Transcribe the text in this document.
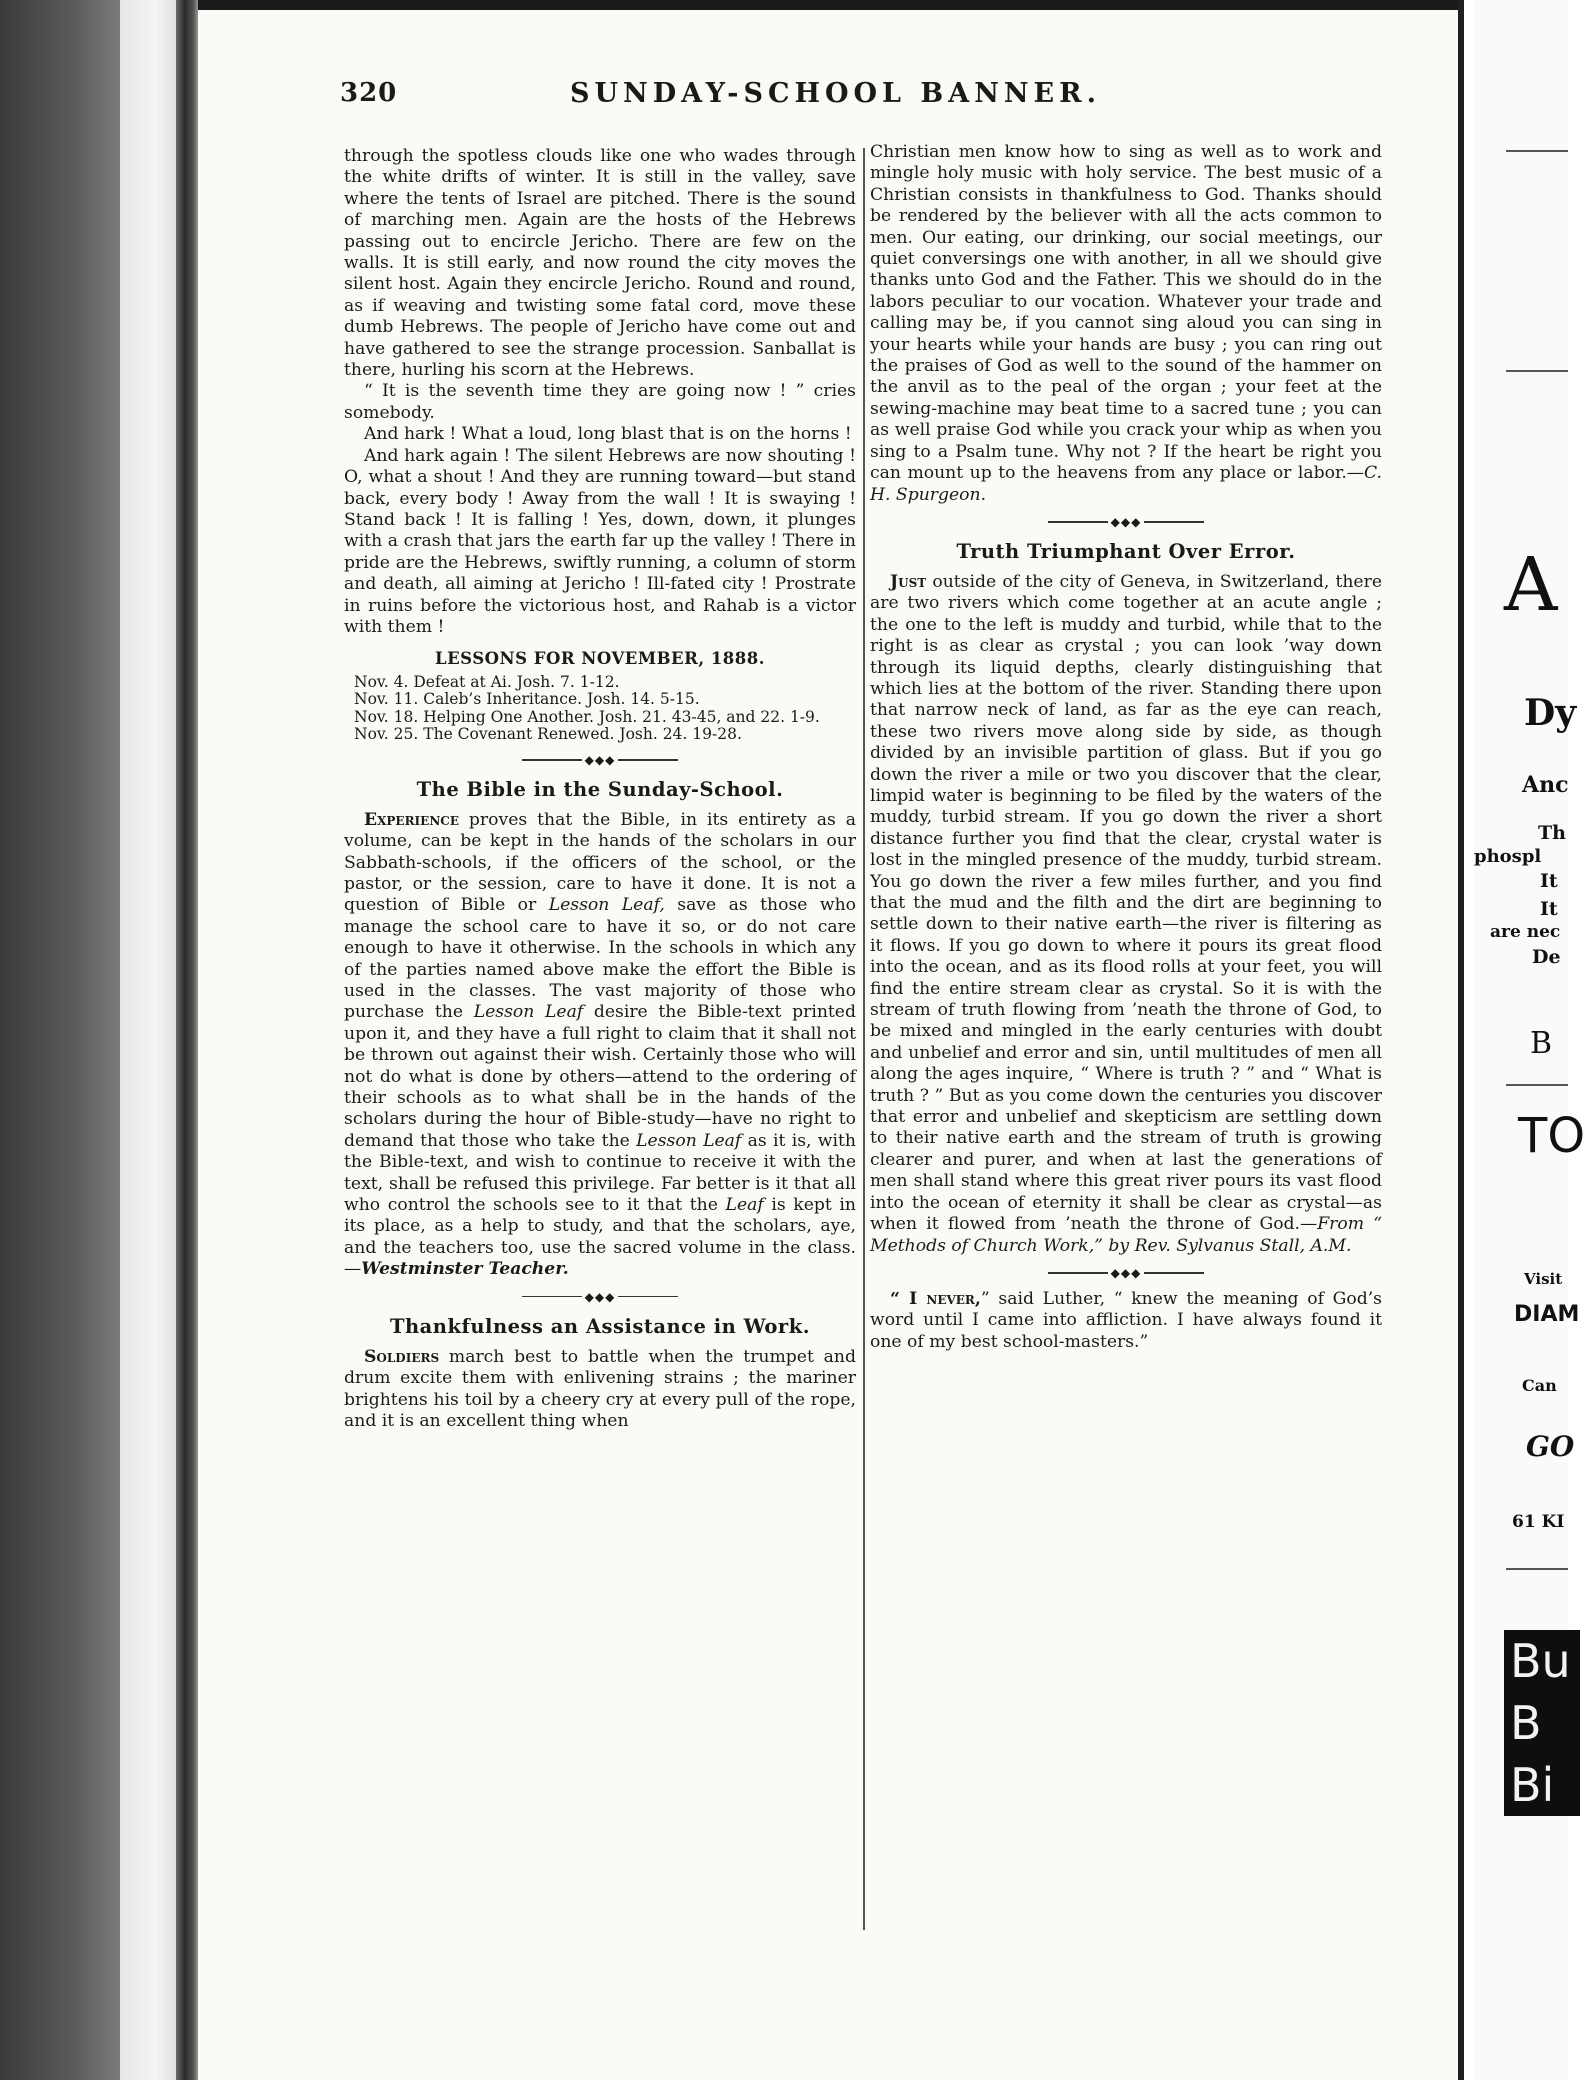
320	SUNDAY-SCHOOL BANNER.

through the spotless clouds like one who wades through the white drifts of winter. It is still in the valley, save where the tents of Israel are pitched. There is the sound of marching men. Again are the hosts of the Hebrews passing out to encircle Jericho. There are few on the walls. It is still early, and now round the city moves the silent host. Again they encircle Jericho. Round and round, as if weaving and twisting some fatal cord, move these dumb Hebrews. The people of Jericho have come out and have gathered to see the strange procession. Sanballat is there, hurling his scorn at the Hebrews.

“ It is the seventh time they are going now ! ” cries somebody.

And hark ! What a loud, long blast that is on the horns !

And hark again ! The silent Hebrews are now shouting ! O, what a shout ! And they are running toward—but stand back, every body ! Away from the wall ! It is swaying ! Stand back ! It is falling ! Yes, down, down, it plunges with a crash that jars the earth far up the valley ! There in pride are the Hebrews, swiftly running, a column of storm and death, all aiming at Jericho ! Ill-fated city ! Prostrate in ruins before the victorious host, and Rahab is a victor with them !

LESSONS FOR NOVEMBER, 1888.

Nov. 4. Defeat at Ai. Josh. 7. 1-12.

Nov. 11. Caleb’s Inheritance. Josh. 14. 5-15.

Nov. 18. Helping One Another. Josh. 21. 43-45, and 22. 1-9.

Nov. 25. The Covenant Renewed. Josh. 24. 19-28.

◆◆◆
The Bible in the Sunday-School.

Experience proves that the Bible, in its entirety as a volume, can be kept in the hands of the scholars in our Sabbath-schools, if the officers of the school, or the pastor, or the session, care to have it done. It is not a question of Bible or Lesson Leaf, save as those who manage the school care to have it so, or do not care enough to have it otherwise. In the schools in which any of the parties named above make the effort the Bible is used in the classes. The vast majority of those who purchase the Lesson Leaf desire the Bible-text printed upon it, and they have a full right to claim that it shall not be thrown out against their wish. Certainly those who will not do what is done by others—attend to the ordering of their schools as to what shall be in the hands of the scholars during the hour of Bible-study—have no right to demand that those who take the Lesson Leaf as it is, with the Bible-text, and wish to continue to receive it with the text, shall be refused this privilege. Far better is it that all who control the schools see to it that the Leaf is kept in its place, as a help to study, and that the scholars, aye, and the teachers too, use the sacred volume in the class.—Westminster Teacher.

◆◆◆
Thankfulness an Assistance in Work.

Soldiers march best to battle when the trumpet and drum excite them with enlivening strains ; the mariner brightens his toil by a cheery cry at every pull of the rope, and it is an excellent thing when

Christian men know how to sing as well as to work and mingle holy music with holy service. The best music of a Christian consists in thankfulness to God. Thanks should be rendered by the believer with all the acts common to men. Our eating, our drinking, our social meetings, our quiet conversings one with another, in all we should give thanks unto God and the Father. This we should do in the labors peculiar to our vocation. Whatever your trade and calling may be, if you cannot sing aloud you can sing in your hearts while your hands are busy ; you can ring out the praises of God as well to the sound of the hammer on the anvil as to the peal of the organ ; your feet at the sewing-machine may beat time to a sacred tune ; you can as well praise God while you crack your whip as when you sing to a Psalm tune. Why not ? If the heart be right you can mount up to the heavens from any place or labor.—C. H. Spurgeon.

◆◆◆
Truth Triumphant Over Error.

Just outside of the city of Geneva, in Switzerland, there are two rivers which come together at an acute angle ; the one to the left is muddy and turbid, while that to the right is as clear as crystal ; you can look ’way down through its liquid depths, clearly distinguishing that which lies at the bottom of the river. Standing there upon that narrow neck of land, as far as the eye can reach, these two rivers move along side by side, as though divided by an invisible partition of glass. But if you go down the river a mile or two you discover that the clear, limpid water is beginning to be filed by the waters of the muddy, turbid stream. If you go down the river a short distance further you find that the clear, crystal water is lost in the mingled presence of the muddy, turbid stream. You go down the river a few miles further, and you find that the mud and the filth and the dirt are beginning to settle down to their native earth—the river is filtering as it flows. If you go down to where it pours its great flood into the ocean, and as its flood rolls at your feet, you will find the entire stream clear as crystal. So it is with the stream of truth flowing from ’neath the throne of God, to be mixed and mingled in the early centuries with doubt and unbelief and error and sin, until multitudes of men all along the ages inquire, “ Where is truth ? ” and “ What is truth ? ” But as you come down the centuries you discover that error and unbelief and skepticism are settling down to their native earth and the stream of truth is growing clearer and purer, and when at last the generations of men shall stand where this great river pours its vast flood into the ocean of eternity it shall be clear as crystal—as when it flowed from ’neath the throne of God.—From “ Methods of Church Work,” by Rev. Sylvanus Stall, A.M.

◆◆◆

“ I never,” said Luther, “ knew the meaning of God’s word until I came into affliction. I have always found it one of my best school-masters.”

A
Dy
Anc
Th
phospl
It
It
are nec
De
B
TO
Visit
DIAM
Can
GO
61 KI
Bu
B
Bi
